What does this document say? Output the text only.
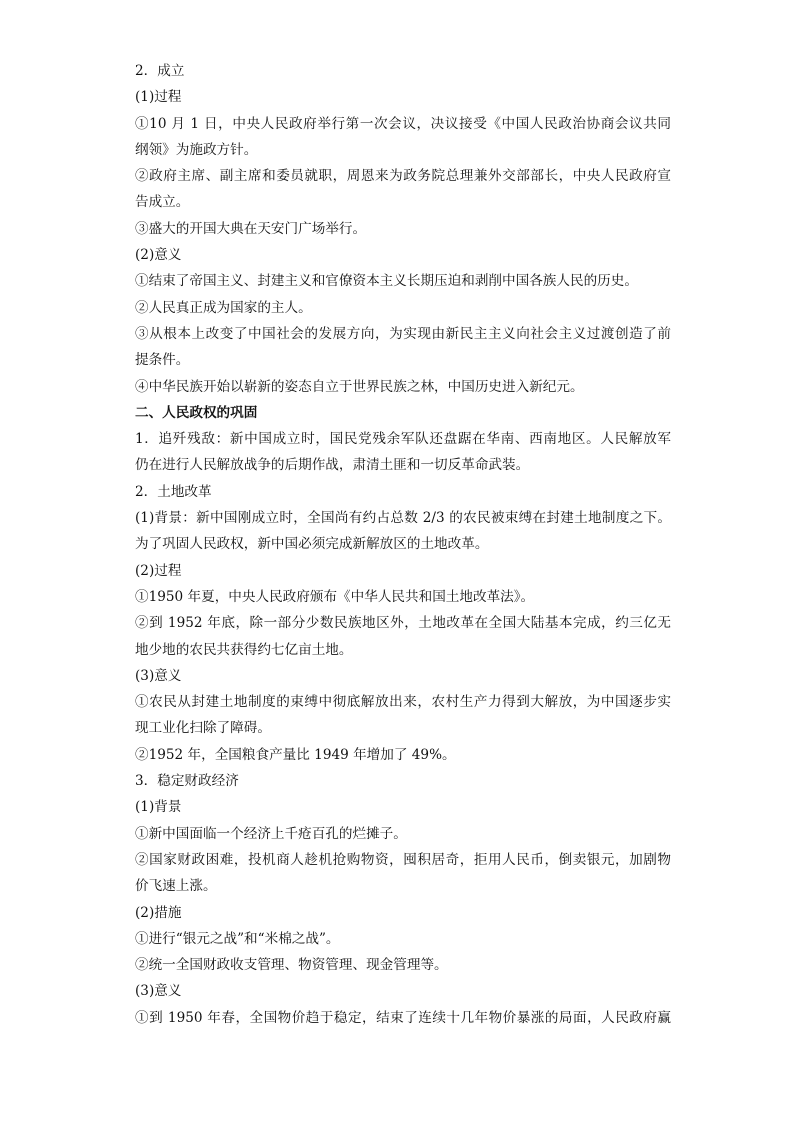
2．成立
(1)过程
①10 月 1 日，中央人民政府举行第一次会议，决议接受《中国人民政治协商会议共同
纲领》为施政方针。
②政府主席、副主席和委员就职，周恩来为政务院总理兼外交部部长，中央人民政府宣
告成立。
③盛大的开国大典在天安门广场举行。
(2)意义
①结束了帝国主义、封建主义和官僚资本主义长期压迫和剥削中国各族人民的历史。
②人民真正成为国家的主人。
③从根本上改变了中国社会的发展方向，为实现由新民主主义向社会主义过渡创造了前
提条件。
④中华民族开始以崭新的姿态自立于世界民族之林，中国历史进入新纪元。
二、人民政权的巩固
1．追歼残敌：新中国成立时，国民党残余军队还盘踞在华南、西南地区。人民解放军
仍在进行人民解放战争的后期作战，肃清土匪和一切反革命武装。
2．土地改革
(1)背景：新中国刚成立时，全国尚有约占总数 2/3 的农民被束缚在封建土地制度之下。
为了巩固人民政权，新中国必须完成新解放区的土地改革。
(2)过程
①1950 年夏，中央人民政府颁布《中华人民共和国土地改革法》。
②到 1952 年底，除一部分少数民族地区外，土地改革在全国大陆基本完成，约三亿无
地少地的农民共获得约七亿亩土地。
(3)意义
①农民从封建土地制度的束缚中彻底解放出来，农村生产力得到大解放，为中国逐步实
现工业化扫除了障碍。
②1952 年，全国粮食产量比 1949 年增加了 49%。
3．稳定财政经济
(1)背景
①新中国面临一个经济上千疮百孔的烂摊子。
②国家财政困难，投机商人趁机抢购物资，囤积居奇，拒用人民币，倒卖银元，加剧物
价飞速上涨。
(2)措施
①进行“银元之战”和“米棉之战”。
②统一全国财政收支管理、物资管理、现金管理等。
(3)意义
①到 1950 年春，全国物价趋于稳定，结束了连续十几年物价暴涨的局面，人民政府赢
